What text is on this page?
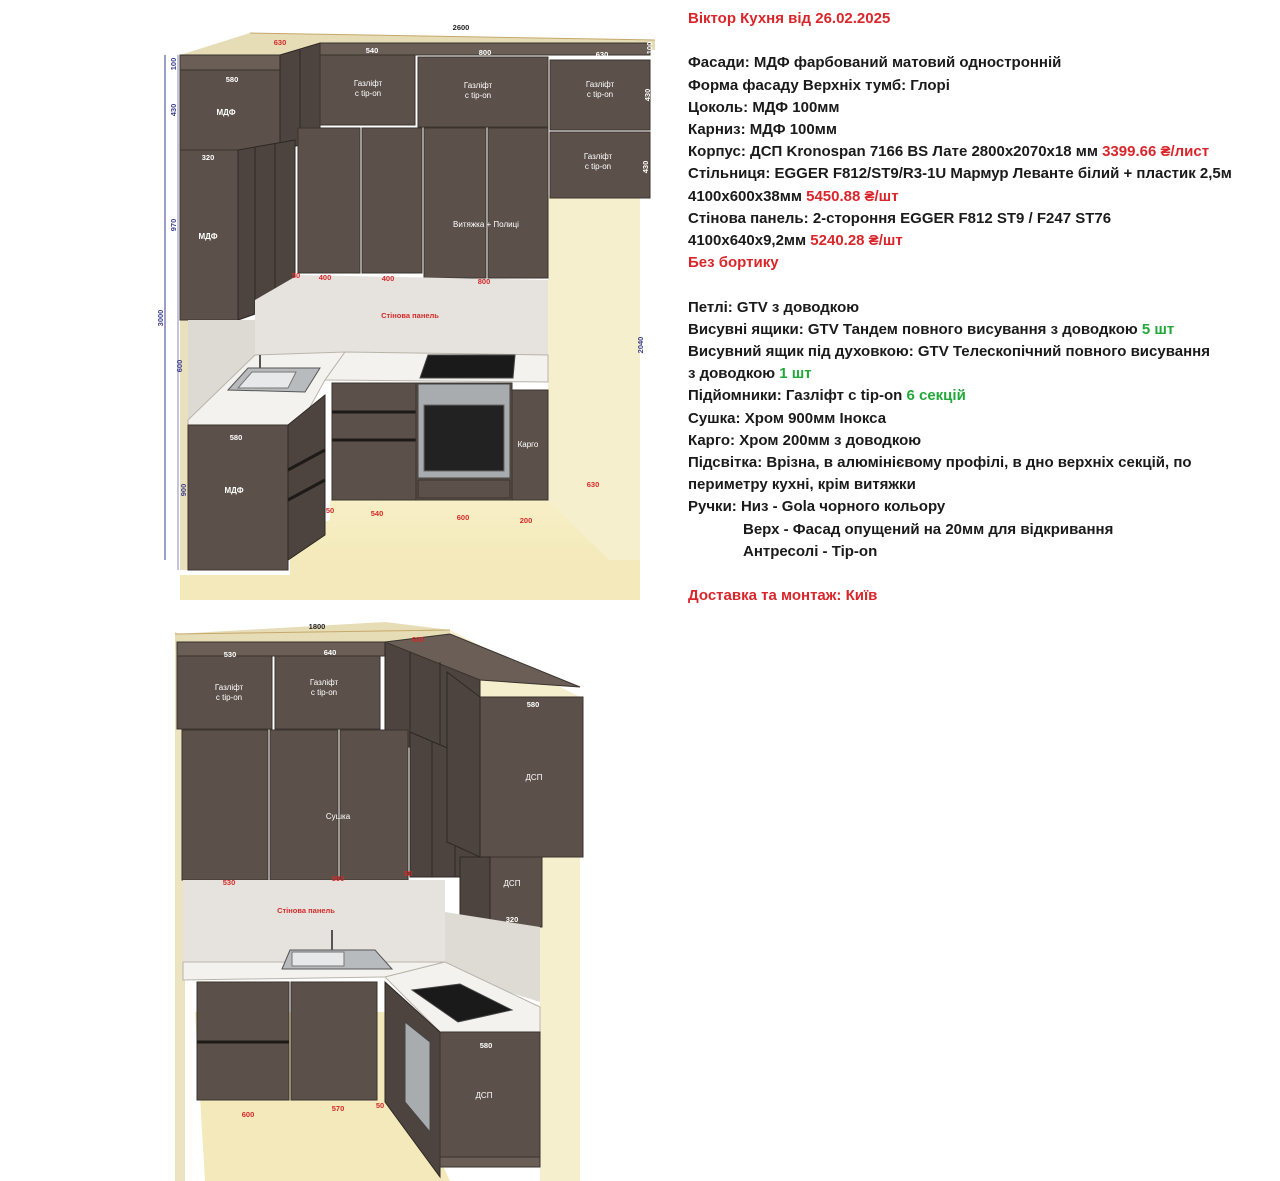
2600
630
540	800	630
100
430
970
3000
600
900
100
430
430
2040
580
320
580
50 400	400	800
50	540	600	200
630
МДФ
МДФ
МДФ
Газліфт
с tip-on
Газліфт
с tip-on
Газліфт
с tip-on
Газліфт
с tip-on
Витяжка + Полиці
Стінова панель
Карго
1800
630
530	640
580
320
580
530	800
50
600
570	50
Газліфт
с tip-on
Газліфт
с tip-on
Сушка
ДСП
ДСП
ДСП
Стінова панель
Віктор Кухня від 26.02.2025
Фасади: МДФ фарбований матовий одностронній
Форма фасаду Верхніх тумб: Глорі
Цоколь: МДФ 100мм
Карниз: МДФ 100мм
Корпус: ДСП Kronospan 7166 BS Лате 2800х2070х18 мм 3399.66 ₴/лист
Стільниця: EGGER F812/ST9/R3-1U Мармур Леванте білий + пластик 2,5м
4100х600х38мм 5450.88 ₴/шт
Стінова панель: 2-стороння EGGER F812 ST9 / F247 ST76
4100х640х9,2мм 5240.28 ₴/шт
Без бортику
Петлі: GTV з доводкою
Висувні ящики: GTV Тандем повного висування з доводкою 5 шт
Висувний ящик під духовкою: GTV Телескопічний повного висування
з доводкою 1 шт
Підйомники: Газліфт с tip-on 6 секцій
Сушка: Хром 900мм Інокса
Карго: Хром 200мм з доводкою
Підсвітка: Врізна, в алюмінієвому профілі, в дно верхніх секцій, по
периметру кухні, крім витяжки
Ручки: Низ - Gola чорного кольору
Верх - Фасад опущений на 20мм для відкривання
Антресолі - Tip-on
Доставка та монтаж: Київ
